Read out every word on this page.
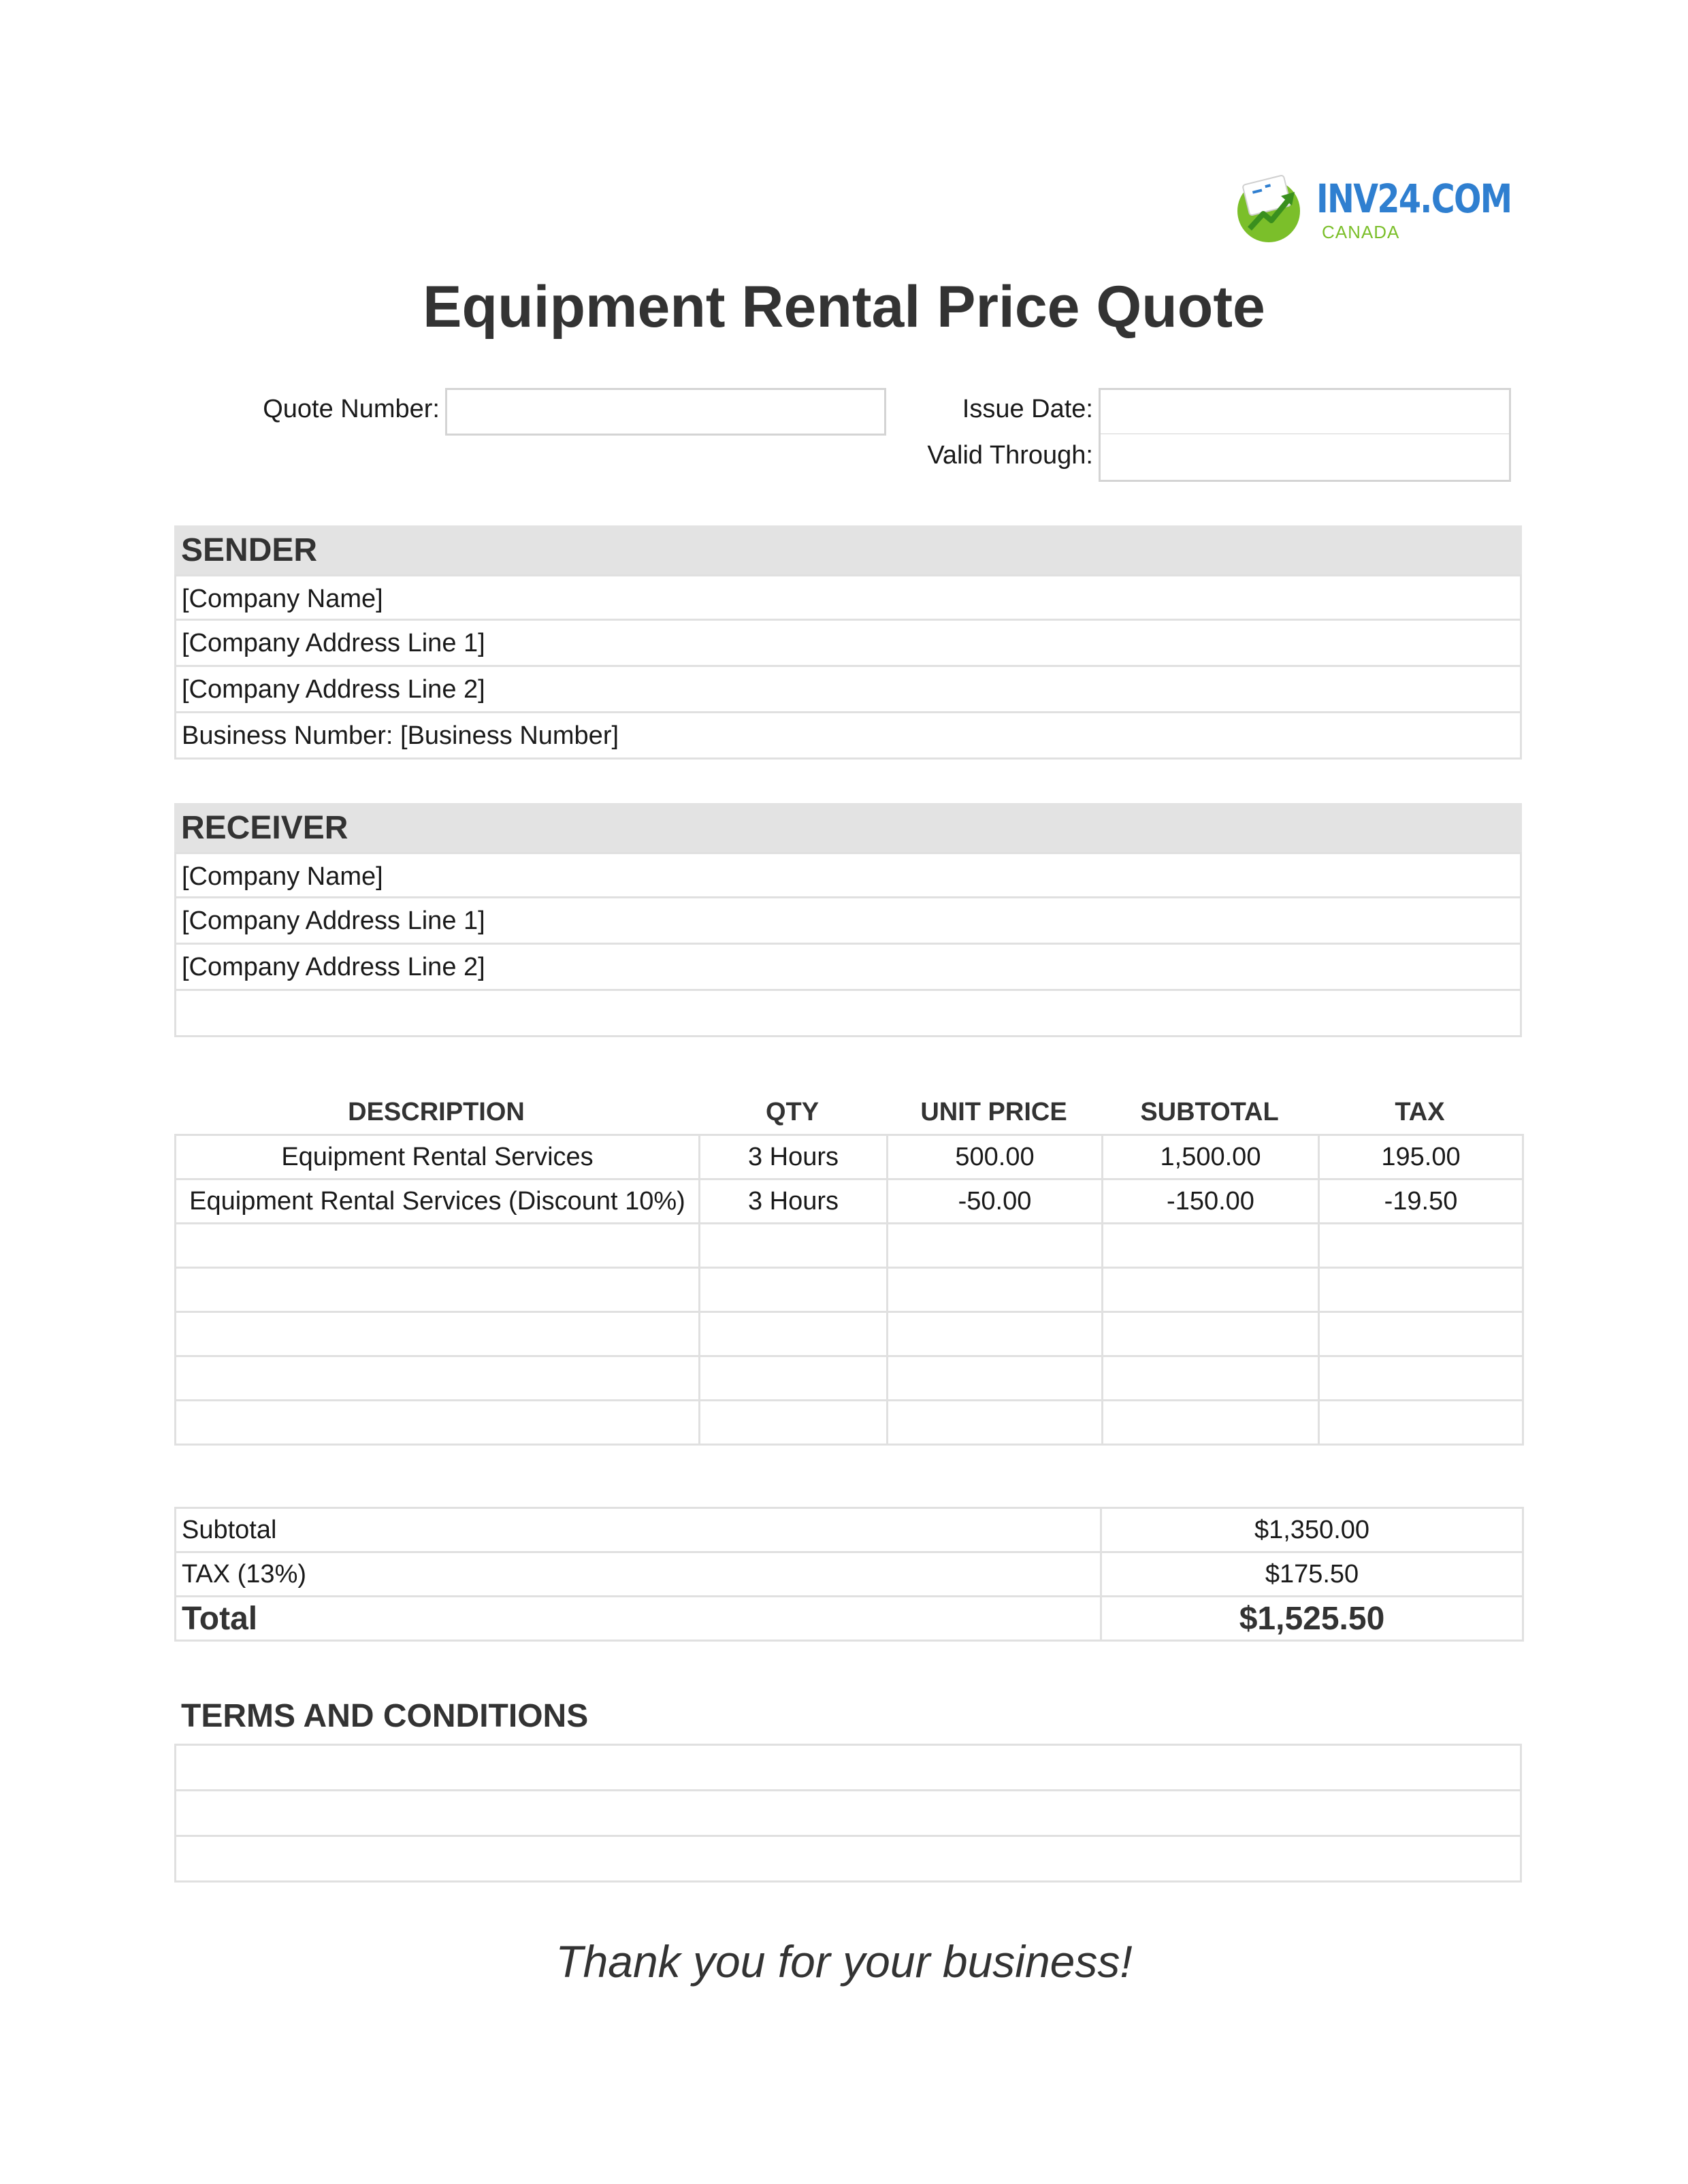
INV24.COM
CANADA
Equipment Rental Price Quote
Quote Number:	Issue Date:
Valid Through:
SENDER
[Company Name]
[Company Address Line 1]
[Company Address Line 2]
Business Number: [Business Number]
RECEIVER
[Company Name]
[Company Address Line 1]
[Company Address Line 2]
DESCRIPTION	QTY	UNIT PRICE	SUBTOTAL	TAX
Equipment Rental Services	3 Hours	500.00	1,500.00	195.00
Equipment Rental Services (Discount 10%)	3 Hours	-50.00	-150.00	-19.50

Subtotal	$1,350.00
TAX (13%)	$175.50
Total	$1,525.50
TERMS AND CONDITIONS

Thank you for your business!
